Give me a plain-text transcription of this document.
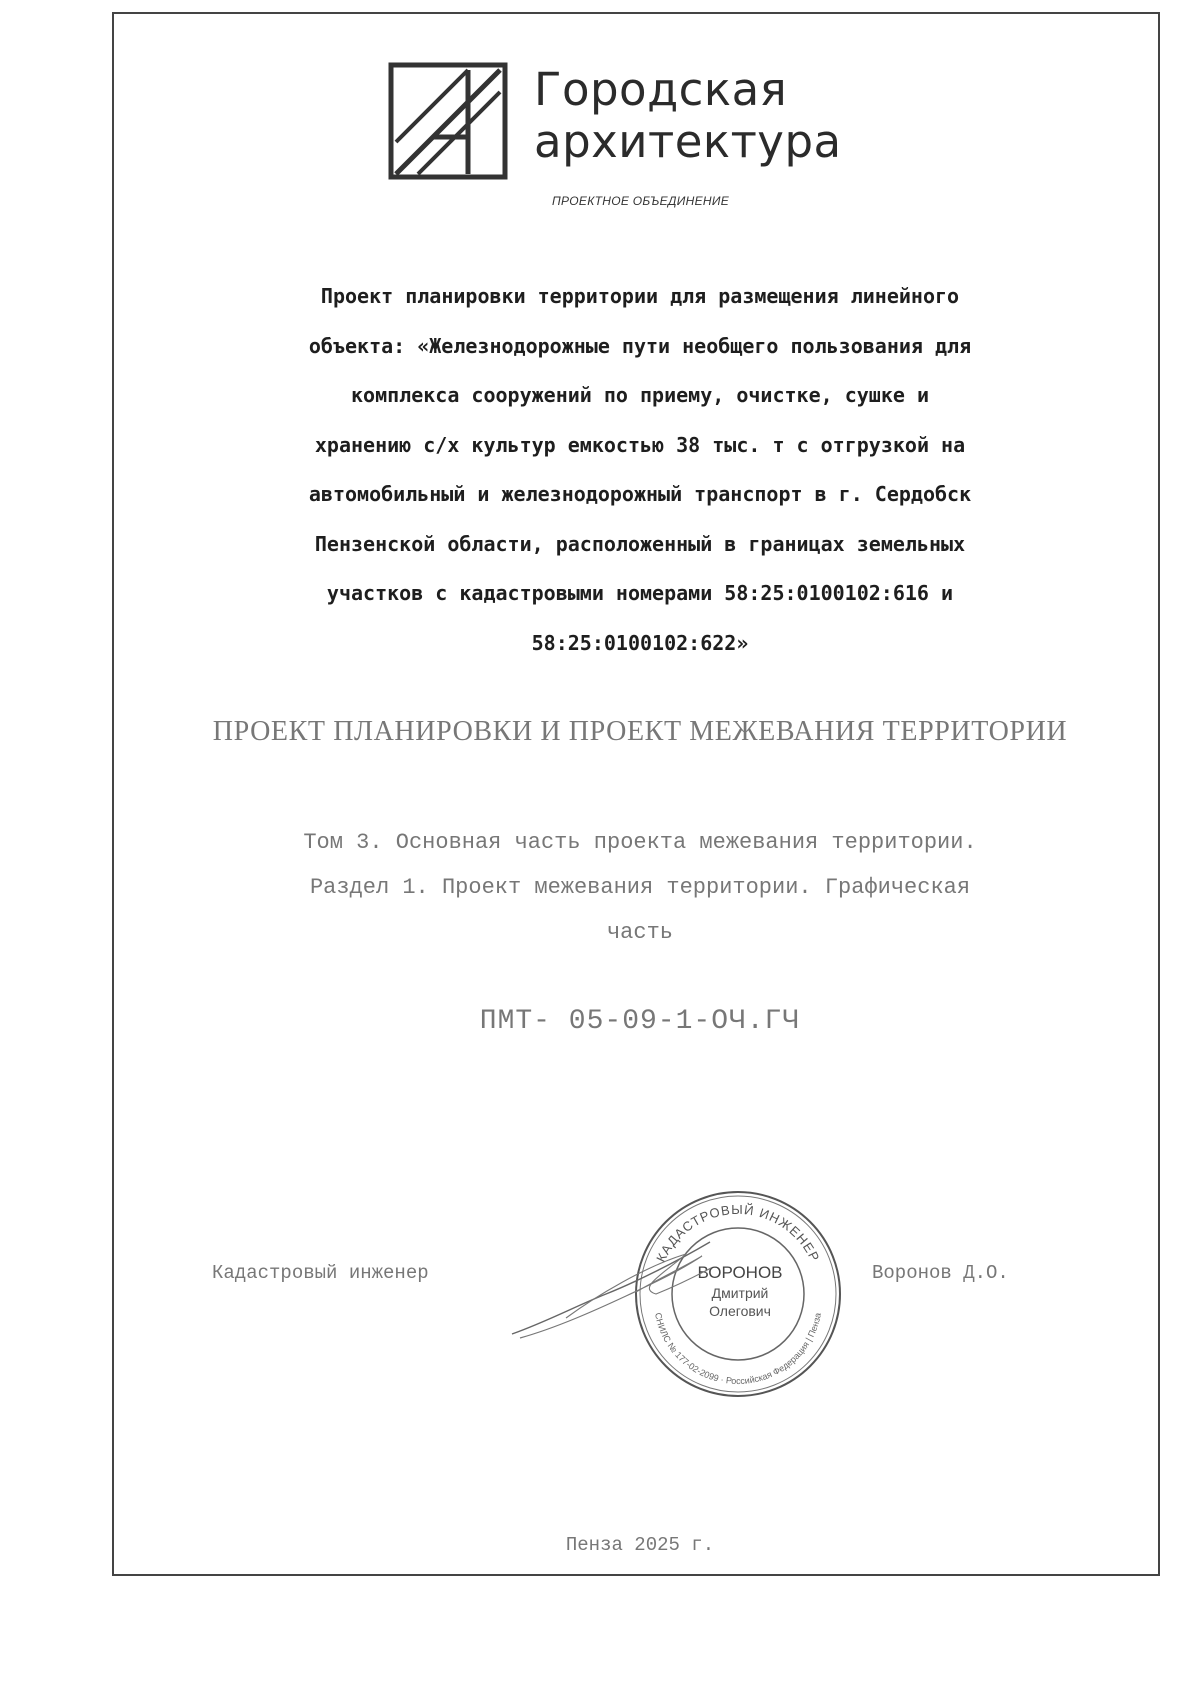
Городская
архитектура
ПРОЕКТНОЕ ОБЪЕДИНЕНИЕ
Проект планировки территории для размещения линейного
объекта: «Железнодорожные пути необщего пользования для
комплекса сооружений по приему, очистке, сушке и
хранению с/х культур емкостью 38 тыс. т с отгрузкой на
автомобильный и железнодорожный транспорт в г. Сердобск
Пензенской области, расположенный в границах земельных
участков с кадастровыми номерами 58:25:0100102:616 и
58:25:0100102:622»
ПРОЕКТ ПЛАНИРОВКИ И ПРОЕКТ МЕЖЕВАНИЯ ТЕРРИТОРИИ
Том 3. Основная часть проекта межевания территории.
Раздел 1. Проект межевания территории. Графическая
часть
ПМТ- 05-09-1-ОЧ.ГЧ
Кадастровый инженер	Воронов Д.О.
КАДАСТРОВЫЙ ИНЖЕНЕР
СНИЛС № 177-02-2099 · Российская Федерация | Пенза
ВОРОНОВ
Дмитрий
Олегович
Пенза 2025 г.
